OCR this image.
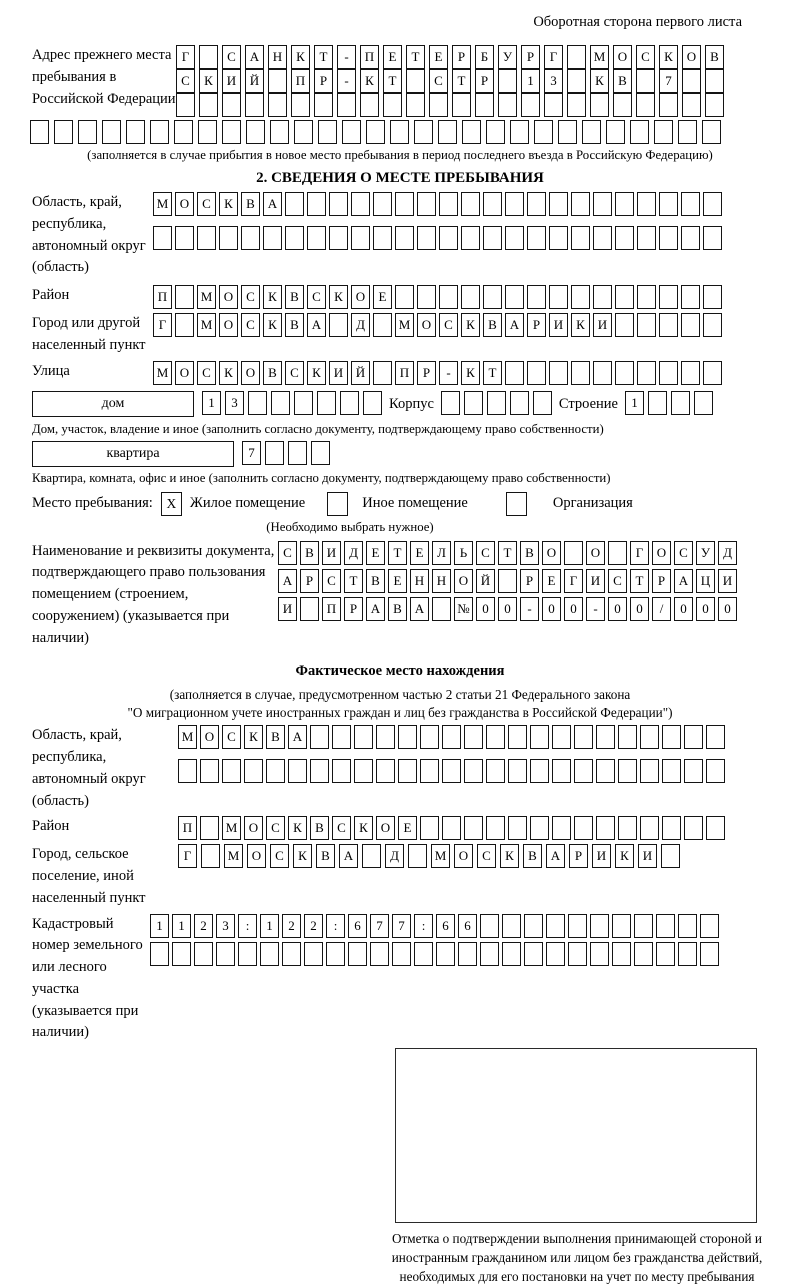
Оборотная сторона первого листа
Адрес прежнего места пребывания в Российской Федерации
Г	С	А	Н	К	Т	-	П	Е	Т	Е	Р	Б	У	Р	Г	М О	С	К	О	В
С	К	И	Й	П	Р	-	К	Т	С	Т	Р	1	3	К	В	7
(заполняется в случае прибытия в новое место пребывания в период последнего въезда в Российскую Федерацию)
2. СВЕДЕНИЯ О МЕСТЕ ПРЕБЫВАНИЯ
Область, край, республика, автономный округ (область)
М О С	К	В А
Район	П	М О С	К	В	С	К О	Е
Город или другой населенный пункт
Г	М О С	К	В А	Д	М О С	К	В А	Р	И К И
Улица	М О С	К О В	С	К И Й	П	Р	-	К	Т
дом	1	3	Корпус	Строение	1
Дом, участок, владение и иное (заполнить согласно документу, подтверждающему право собственности)
квартира	7
Квартира, комната, офис и иное (заполнить согласно документу, подтверждающему право собственности)
Место пребывания:	X Жилое помещение	Иное помещение	Организация
(Необходимо выбрать нужное)
Наименование и реквизиты документа, подтверждающего право пользования помещением (строением, сооружением) (указывается при наличии)
С	В И Д	Е	Т	Е	Л	Ь	С	Т	В О	О	Г	О С	У Д
А	Р	С	Т	В	Е	Н Н О Й	Р	Е	Г	И С	Т	Р	А Ц И
И	П	Р	А В А	№ 0	0	-	0	0	-	0	0	/	0	0	0
Фактическое место нахождения
(заполняется в случае, предусмотренном частью 2 статьи 21 Федерального закона
"О миграционном учете иностранных граждан и лиц без гражданства в Российской Федерации")
Область, край, республика, автономный округ (область)
М О С	К	В А
Район	П	М О С	К	В	С	К О	Е
Город, сельское поселение, иной населенный пункт
Г	М О	С	К	В	А	Д	М О	С	К	В	А	Р	И	К	И
Кадастровый номер земельного или лесного участка (указывается при наличии)
1	1	2	3	:	1	2	2	:	6	7	7	:	6	6
Отметка о подтверждении выполнения принимающей стороной и иностранным гражданином или лицом без гражданства действий, необходимых для его постановки на учет по месту пребывания
